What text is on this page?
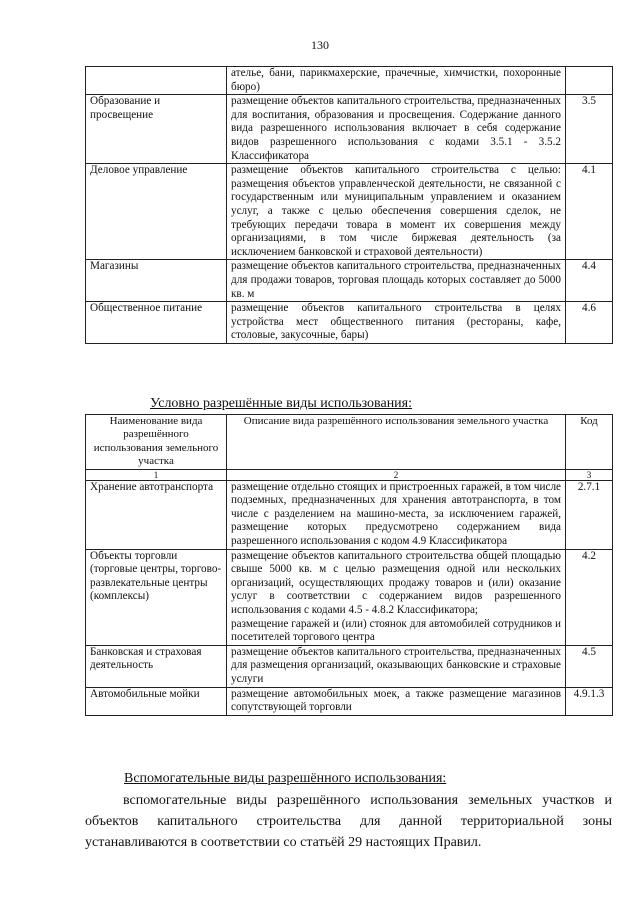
130

	ателье, бани, парикмахерские, прачечные, химчистки, похоронные бюро)	

Образование и просвещение	размещение объектов капитального строительства, предназначенных для воспитания, образования и просвещения. Содержание данного вида разрешенного использования включает в себя содержание видов разрешенного использования с кодами 3.5.1 - 3.5.2 Классификатора	3.5
Деловое управление	размещение объектов капитального строительства с целью: размещения объектов управленческой деятельности, не связанной с государственным или муниципальным управлением и оказанием услуг, а также с целью обеспечения совершения сделок, не требующих передачи товара в момент их совершения между организациями, в том числе биржевая деятельность (за исключением банковской и страховой деятельности)	4.1
Магазины	размещение объектов капитального строительства, предназначенных для продажи товаров, торговая площадь которых составляет до 5000 кв. м	4.4
Общественное питание	размещение объектов капитального строительства в целях устройства мест общественного питания (рестораны, кафе, столовые, закусочные, бары)	4.6
Условно разрешённые виды использования:
Наименование вида разрешённого использования земельного участка	Описание вида разрешённого использования земельного участка	Код
1	2	3
Хранение автотранспорта	размещение отдельно стоящих и пристроенных гаражей, в том числе подземных, предназначенных для хранения автотранспорта, в том числе с разделением на машино-места, за исключением гаражей, размещение которых предусмотрено содержанием вида разрешенного использования с кодом 4.9 Классификатора	2.7.1
Объекты торговли (торговые центры, торгово-развлекательные центры (комплексы)	размещение объектов капитального строительства общей площадью свыше 5000 кв. м с целью размещения одной или нескольких организаций, осуществляющих продажу товаров и (или) оказание услуг в соответствии с содержанием видов разрешенного использования с кодами 4.5 - 4.8.2 Классификатора;
размещение гаражей и (или) стоянок для автомобилей сотрудников и посетителей торгового центра	4.2
Банковская и страховая деятельность	размещение объектов капитального строительства, предназначенных для размещения организаций, оказывающих банковские и страховые услуги	4.5
Автомобильные мойки	размещение автомобильных моек, а также размещение магазинов сопутствующей торговли	4.9.1.3
Вспомогательные виды разрешённого использования:
вспомогательные виды разрешённого использования земельных участков и объектов капитального строительства для данной территориальной зоны устанавливаются в соответствии со статьёй 29 настоящих Правил.
